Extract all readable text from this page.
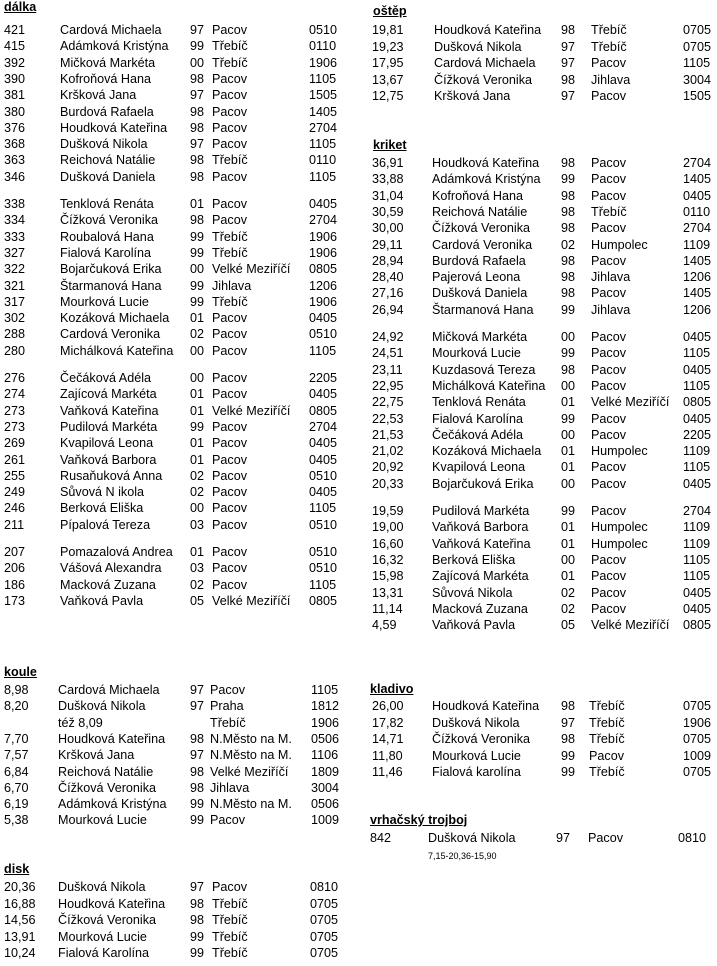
dálka
421	Cardová Michaela 97 Pacov	0510
415	Adámková Kristýna 99 Třebíč	0110
392	Mičková Markéta	00 Třebíč	1906
390	Kofroňová Hana	98 Pacov	1105
381	Kršková Jana	97 Pacov	1505
380	Burdová Rafaela	98 Pacov	1405
376	Houdková Kateřina 98 Pacov	2704
368	Dušková Nikola	97 Pacov	1105
363	Reichová Natálie	98 Třebíč	0110
346	Dušková Daniela	98 Pacov	1105
338	Tenklová Renáta	01 Pacov	0405
334	Čížková Veronika	98 Pacov	2704
333	Roubalová Hana	99 Třebíč	1906
327	Fialová Karolína	99 Třebíč	1906
322	Bojarčuková Erika 00 Velké Meziříčí 0805
321	Štarmanová Hana 99 Jihlava	1206
317	Mourková Lucie	99 Třebíč	1906
302	Kozáková Michaela 01 Pacov	0405
288	Cardová Veronika 02 Pacov	0510
280	Michálková Kateřina 00 Pacov	1105
276	Čečáková Adéla	00 Pacov	2205
274	Zajícová Markéta	01 Pacov	0405
273	Vaňková Kateřina	01 Velké Meziříčí 0805
273	Pudilová Markéta	99 Pacov	2704
269	Kvapilová Leona	01 Pacov	0405
261	Vaňková Barbora	01 Pacov	0405
255	Rusaňuková Anna 02 Pacov	0510
249	Sůvová N ikola	02 Pacov	0405
246	Berková Eliška	00 Pacov	1105
211	Pípalová Tereza	03 Pacov	0510
207	Pomazalová Andrea 01 Pacov	0510
206	Vášová Alexandra 03 Pacov	0510
186	Macková Zuzana	02 Pacov	1105
173	Vaňková Pavla	05 Velké Meziříčí 0805
koule
8,98 Cardová Michaela 97 Pacov	1105
8,20 Dušková Nikola	97 Praha	1812
též 8,09	Třebíč	1906
7,70 Houdková Kateřina 98 N.Město na M. 0506
7,57 Kršková Jana	97 N.Město na M. 1106
6,84 Reichová Natálie	98 Velké Meziříčí 1809
6,70 Čížková Veronika	98 Jihlava	3004
6,19 Adámková Kristýna 99 N.Město na M. 0506
5,38 Mourková Lucie	99 Pacov	1009
disk
20,36 Dušková Nikola	97 Pacov	0810
16,88 Houdková Kateřina 98 Třebíč	0705
14,56 Čížková Veronika	98 Třebíč	0705
13,91 Mourková Lucie	99 Třebíč	0705
10,24 Fialová Karolína	99 Třebíč	0705
oštěp
19,81 Houdková Kateřina 98 Třebíč	0705
19,23 Dušková Nikola	97 Třebíč	0705
17,95 Cardová Michaela 97 Pacov	1105
13,67 Čížková Veronika 98 Jihlava	3004
12,75 Kršková Jana	97 Pacov	1505
kriket
36,91 Houdková Kateřina 98 Pacov	2704
33,88 Adámková Kristýna 99 Pacov	1405
31,04 Kofroňová Hana	98 Pacov	0405
30,59 Reichová Natálie	98 Třebíč	0110
30,00 Čížková Veronika 98 Pacov	2704
29,11 Cardová Veronika 02 Humpolec	1109
28,94 Burdová Rafaela	98 Pacov	1405
28,40 Pajerová Leona	98 Jihlava	1206
27,16 Dušková Daniela	98 Pacov	1405
26,94 Štarmanová Hana 99 Jihlava	1206
24,92 Mičková Markéta	00 Pacov	0405
24,51 Mourková Lucie	99 Pacov	1105
23,11 Kuzdasová Tereza 98 Pacov	0405
22,95 Michálková Kateřina 00 Pacov	1105
22,75 Tenklová Renáta	01 Velké Meziříčí 0805
22,53 Fialová Karolína	99 Pacov	0405
21,53 Čečáková Adéla	00 Pacov	2205
21,02 Kozáková Michaela 01 Humpolec	1109
20,92 Kvapilová Leona	01 Pacov	1105
20,33 Bojarčuková Erika 00 Pacov	0405
19,59 Pudilová Markéta	99 Pacov	2704
19,00 Vaňková Barbora	01 Humpolec	1109
16,60 Vaňková Kateřina 01 Humpolec	1109
16,32 Berková Eliška	00 Pacov	1105
15,98 Zajícová Markéta	01 Pacov	1105
13,31 Sůvová Nikola	02 Pacov	0405
11,14 Macková Zuzana	02 Pacov	0405
4,59	Vaňková Pavla	05 Velké Meziříčí 0805
kladivo
26,00 Houdková Kateřina 98 Třebíč	0705
17,82 Dušková Nikola	97 Třebíč	1906
14,71 Čížková Veronika 98 Třebíč	0705
11,80 Mourková Lucie	99 Pacov	1009
11,46 Fialová karolína	99 Třebíč	0705
vrhačský trojboj
842	Dušková Nikola	97 Pacov	0810
7,15-20,36-15,90
